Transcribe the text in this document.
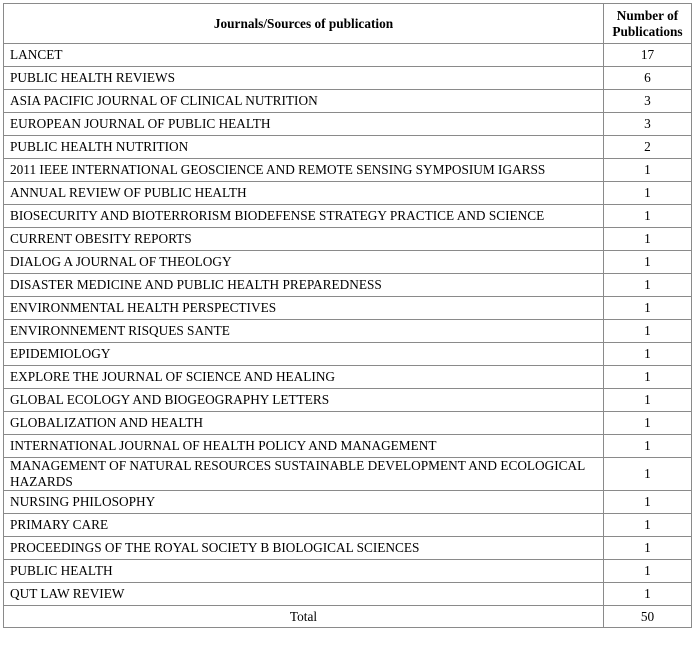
Journals/Sources of publication	Number of Publications
LANCET	17
PUBLIC HEALTH REVIEWS	6
ASIA PACIFIC JOURNAL OF CLINICAL NUTRITION	3
EUROPEAN JOURNAL OF PUBLIC HEALTH	3
PUBLIC HEALTH NUTRITION	2
2011 IEEE INTERNATIONAL GEOSCIENCE AND REMOTE SENSING SYMPOSIUM IGARSS	1
ANNUAL REVIEW OF PUBLIC HEALTH	1
BIOSECURITY AND BIOTERRORISM BIODEFENSE STRATEGY PRACTICE AND SCIENCE	1
CURRENT OBESITY REPORTS	1
DIALOG A JOURNAL OF THEOLOGY	1
DISASTER MEDICINE AND PUBLIC HEALTH PREPAREDNESS	1
ENVIRONMENTAL HEALTH PERSPECTIVES	1
ENVIRONNEMENT RISQUES SANTE	1
EPIDEMIOLOGY	1
EXPLORE THE JOURNAL OF SCIENCE AND HEALING	1
GLOBAL ECOLOGY AND BIOGEOGRAPHY LETTERS	1
GLOBALIZATION AND HEALTH	1
INTERNATIONAL JOURNAL OF HEALTH POLICY AND MANAGEMENT	1
MANAGEMENT OF NATURAL RESOURCES SUSTAINABLE DEVELOPMENT AND ECOLOGICAL HAZARDS	1
NURSING PHILOSOPHY	1
PRIMARY CARE	1
PROCEEDINGS OF THE ROYAL SOCIETY B BIOLOGICAL SCIENCES	1
PUBLIC HEALTH	1
QUT LAW REVIEW	1
Total	50
